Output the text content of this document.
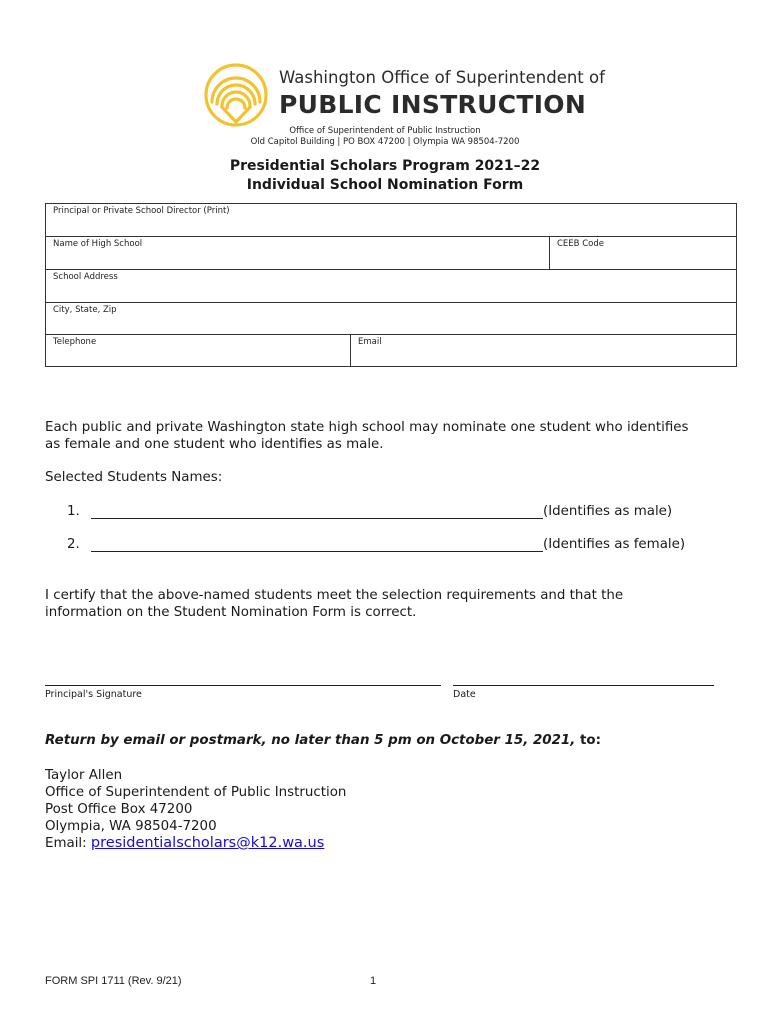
Washington Office of Superintendent of
PUBLIC INSTRUCTION
Office of Superintendent of Public Instruction
Old Capitol Building | PO BOX 47200 | Olympia WA 98504-7200
Presidential Scholars Program 2021–22
Individual School Nomination Form
Principal or Private School Director (Print)
Name of High School	CEEB Code
School Address
City, State, Zip
Telephone	Email
Each public and private Washington state high school may nominate one student who identifies
as female and one student who identifies as male.
Selected Students Names:
1.	(Identifies as male)
2.	(Identifies as female)
I certify that the above-named students meet the selection requirements and that the
information on the Student Nomination Form is correct.
Principal's Signature	Date
Return by email or postmark, no later than 5 pm on October 15, 2021, to:
Taylor Allen
Office of Superintendent of Public Instruction
Post Office Box 47200
Olympia, WA 98504-7200
Email: presidentialscholars@k12.wa.us
FORM SPI 1711 (Rev. 9/21)	1
